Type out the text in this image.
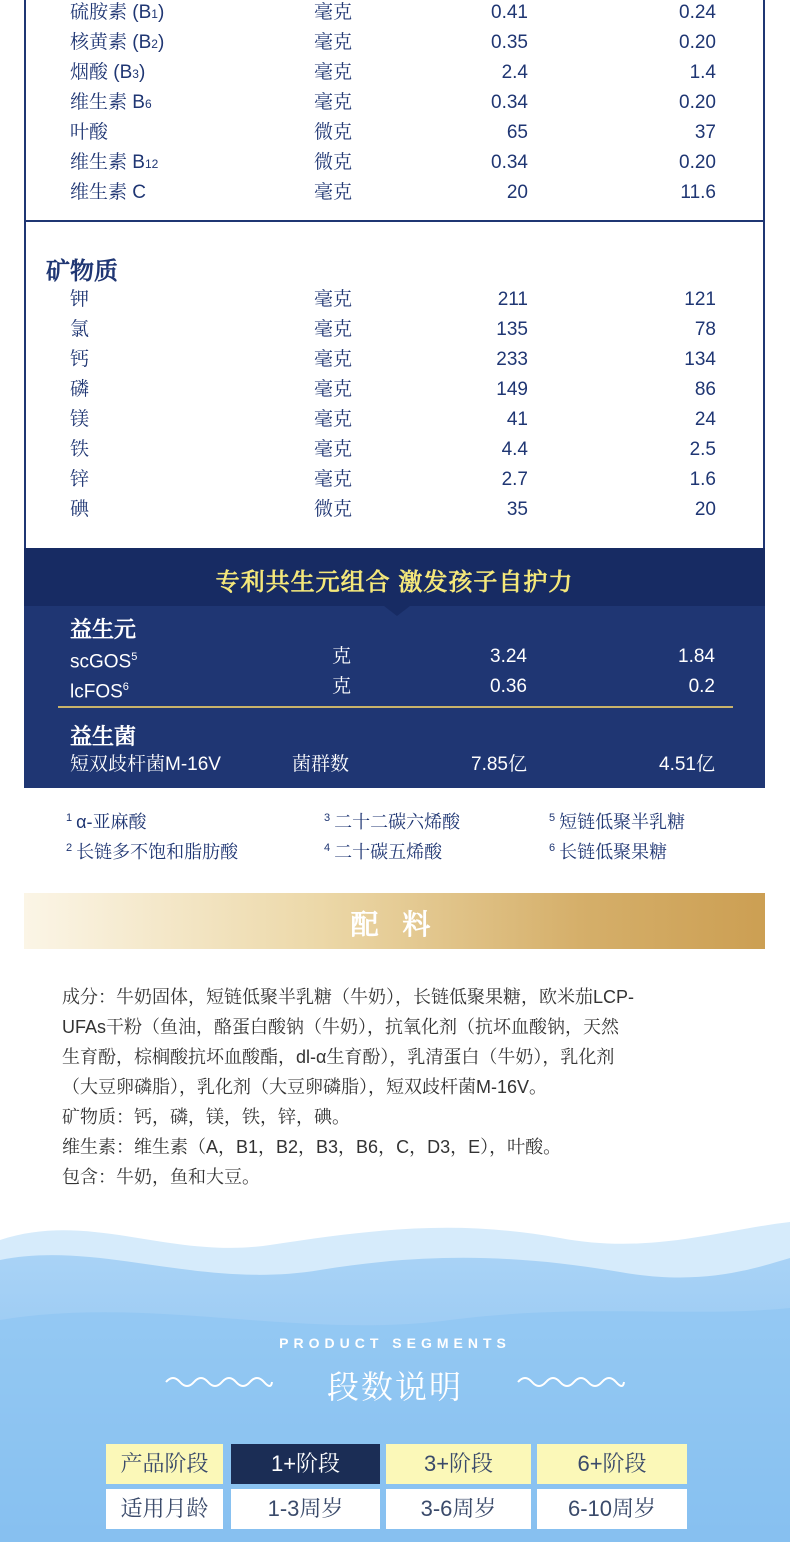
硫胺素 (B1)	毫克	0.41	0.24
核黄素 (B2)	毫克	0.35	0.20
烟酸 (B3)	毫克	2.4	1.4
维生素 B6	毫克	0.34	0.20
叶酸	微克	65	37
维生素 B12	微克	0.34	0.20
维生素 C	毫克	20	11.6
矿物质
钾	毫克	211	121
氯	毫克	135	78
钙	毫克	233	134
磷	毫克	149	86
镁	毫克	41	24
铁	毫克	4.4	2.5
锌	毫克	2.7	1.6
碘	微克	35	20
专利共生元组合 激发孩子自护力
益生元
scGOS$^5$	克	3.24	1.84
lcFOS$^6$	克	0.36	0.2
益生菌
短双歧杆菌M-16V	菌群数	7.85亿	4.51亿
$^1$ α-亚麻酸
$^2$ 长链多不饱和脂肪酸
$^3$ 二十二碳六烯酸
$^4$ 二十碳五烯酸
$^5$ 短链低聚半乳糖
$^6$ 长链低聚果糖
配 料

成分：牛奶固体，短链低聚半乳糖（牛奶），长链低聚果糖，欧米茄LCP-

UFAs干粉（鱼油，酪蛋白酸钠（牛奶），抗氧化剂（抗坏血酸钠，天然

生育酚，棕榈酸抗坏血酸酯，dl-α生育酚），乳清蛋白（牛奶），乳化剂

（大豆卵磷脂），乳化剂（大豆卵磷脂），短双歧杆菌M-16V。

矿物质：钙，磷，镁，铁，锌，碘。

维生素：维生素（A，B1，B2，B3，B6，C，D3，E），叶酸。

包含：牛奶，鱼和大豆。

PRODUCT SEGMENTS
段数说明
产品阶段	1+阶段	3+阶段	6+阶段
适用月龄	1-3周岁	3-6周岁	6-10周岁
